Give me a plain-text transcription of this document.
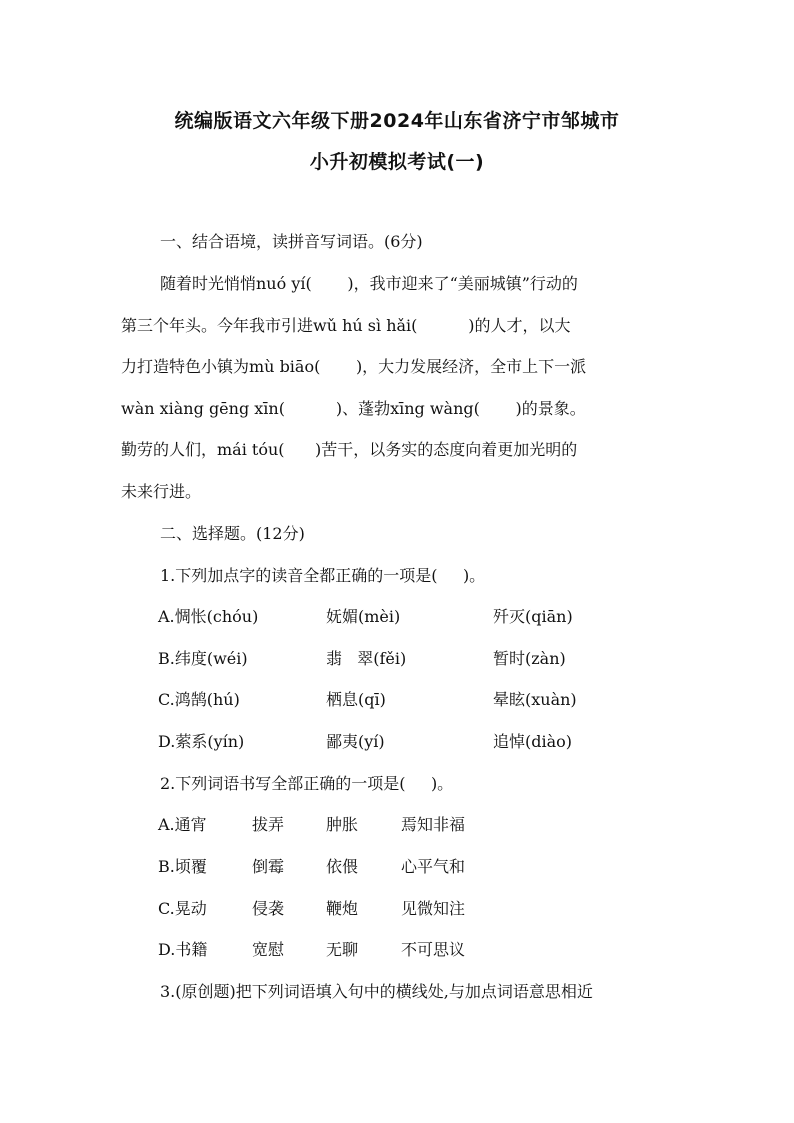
统编版语文六年级下册2024年山东省济宁市邹城市
小升初模拟考试(一)
一、结合语境，读拼音写词语。(6分)
随着时光悄悄nuó yí(       )，我市迎来了“美丽城镇”行动的
第三个年头。今年我市引进wǔ hú sì hǎi(          )的人才，以大
力打造特色小镇为mù biāo(       )，大力发展经济，全市上下一派
wàn xiàng gēng xīn(          )、蓬勃xīng wàng(       )的景象。
勤劳的人们，mái tóu(      )苦干，以务实的态度向着更加光明的
未来行进。
二、选择题。(12分)
1.下列加点字的读音全都正确的一项是(     )。
A.惆怅(chóu)	妩媚(mèi)	歼灭(qiān)
B.纬度(wéi)	翡   翠(fěi)	暂时(zàn)
C.鸿鹄(hú)	栖息(qī)	晕眩(xuàn)
D.萦系(yín)	鄙夷(yí)	追悼(diào)
2.下列词语书写全部正确的一项是(     )。
A.通宵	拔弄	肿胀	焉知非福
B.顷覆	倒霉	依偎	心平气和
C.晃动	侵袭	鞭炮	见微知注
D.书籍	宽慰	无聊	不可思议
3.(原创题)把下列词语填入句中的横线处,与加点词语意思相近
